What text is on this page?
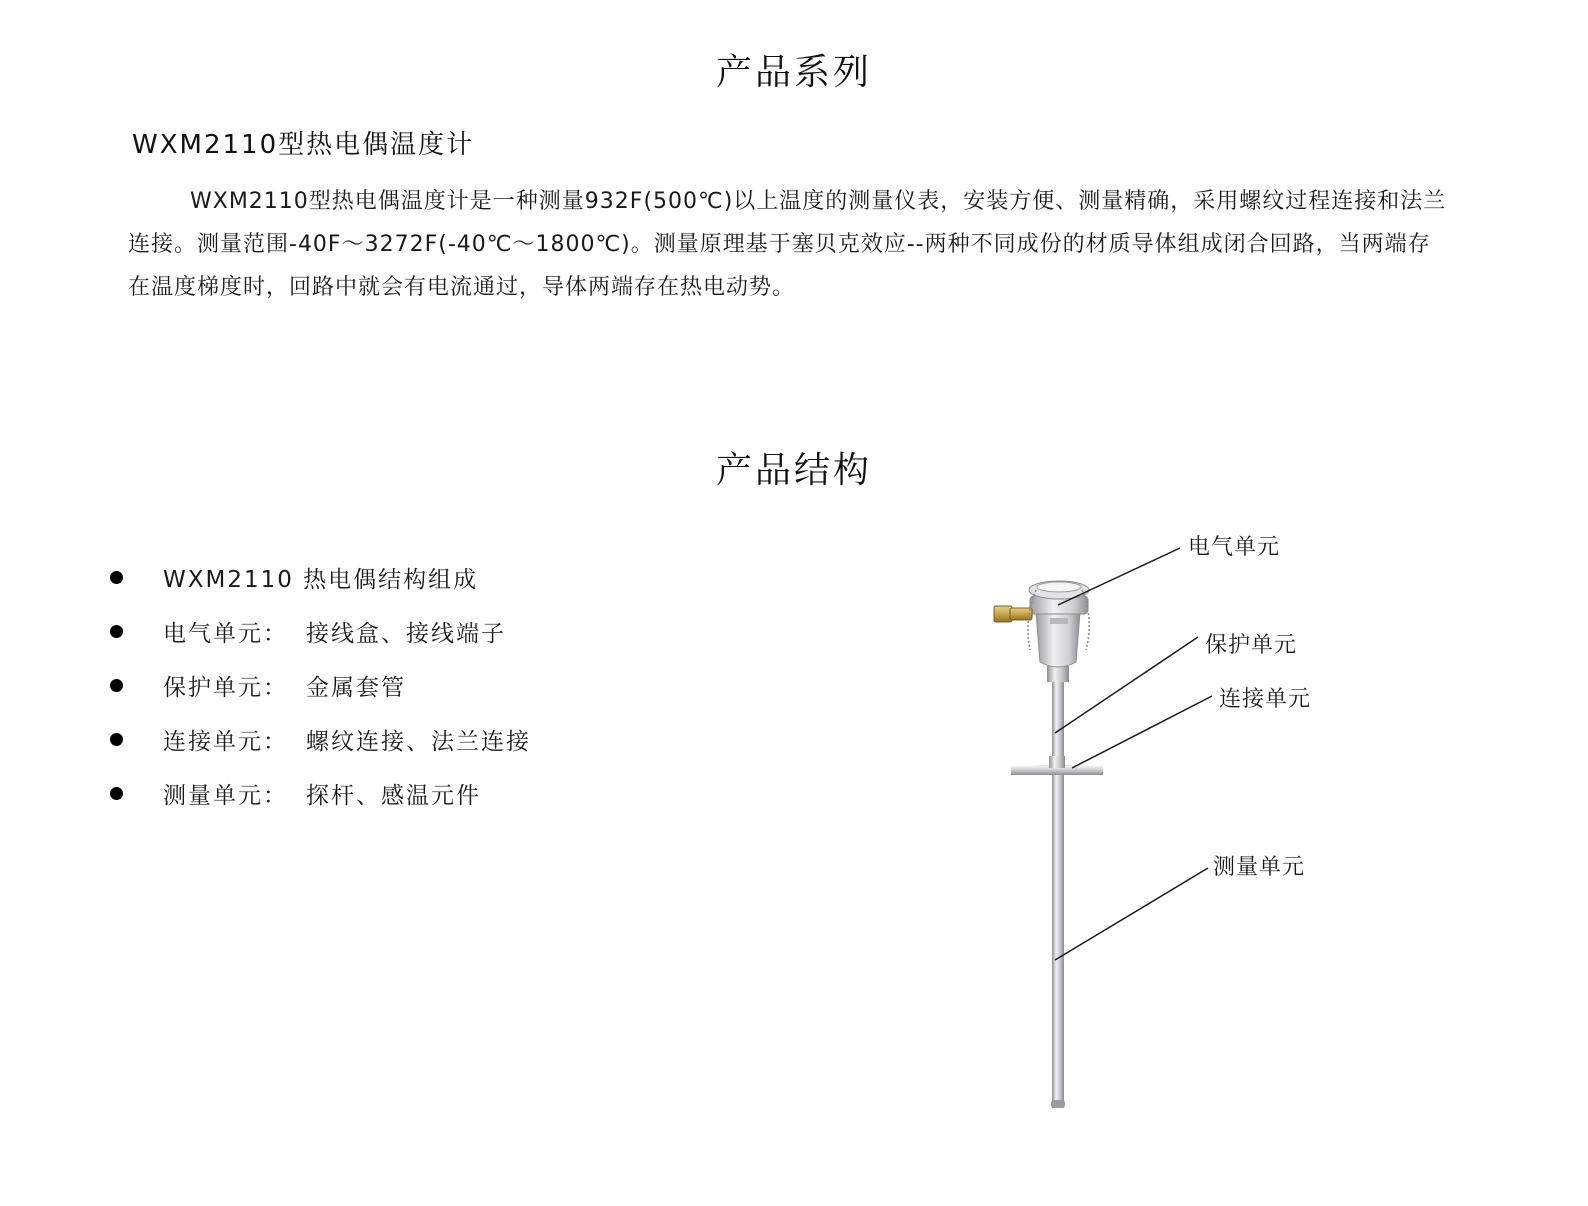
产品系列
WXM2110型热电偶温度计
WXM2110型热电偶温度计是一种测量932F(500℃)以上温度的测量仪表，安装方便、测量精确，采用螺纹过程连接和法兰连接。测量范围-40F～3272F(-40℃～1800℃)。测量原理基于塞贝克效应--两种不同成份的材质导体组成闭合回路，当两端存在温度梯度时，回路中就会有电流通过，导体两端存在热电动势。
产品结构
WXM2110 热电偶结构组成
电气单元： 接线盒、接线端子
保护单元： 金属套管
连接单元： 螺纹连接、法兰连接
测量单元： 探杆、感温元件
电气单元
保护单元
连接单元
测量单元
